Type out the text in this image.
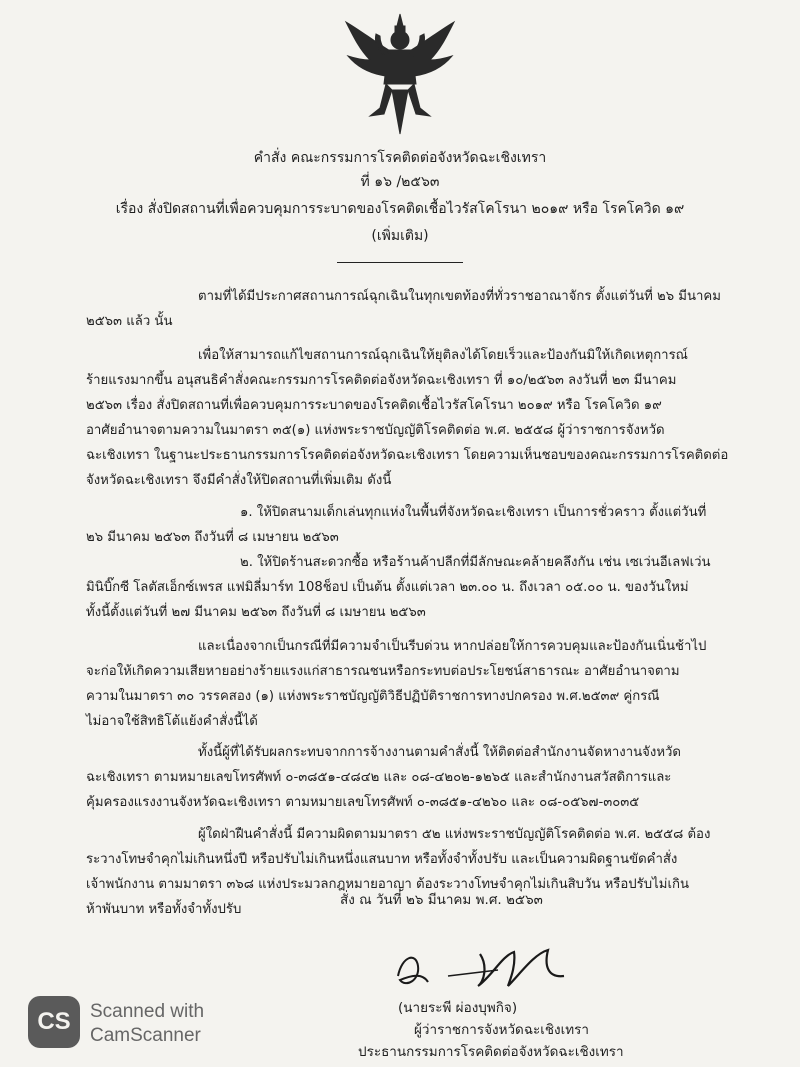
คำสั่ง คณะกรรมการโรคติดต่อจังหวัดฉะเชิงเทรา
ที่ ๑๖ /๒๕๖๓
เรื่อง สั่งปิดสถานที่เพื่อควบคุมการระบาดของโรคติดเชื้อไวรัสโคโรนา ๒๐๑๙ หรือ โรคโควิด ๑๙
(เพิ่มเติม)
ตามที่ได้มีประกาศสถานการณ์ฉุกเฉินในทุกเขตท้องที่ทั่วราชอาณาจักร ตั้งแต่วันที่ ๒๖ มีนาคม
๒๕๖๓ แล้ว นั้น
เพื่อให้สามารถแก้ไขสถานการณ์ฉุกเฉินให้ยุติลงได้โดยเร็วและป้องกันมิให้เกิดเหตุการณ์
ร้ายแรงมากขึ้น อนุสนธิคำสั่งคณะกรรมการโรคติดต่อจังหวัดฉะเชิงเทรา ที่ ๑๐/๒๕๖๓ ลงวันที่ ๒๓ มีนาคม
๒๕๖๓ เรื่อง สั่งปิดสถานที่เพื่อควบคุมการระบาดของโรคติดเชื้อไวรัสโคโรนา ๒๐๑๙ หรือ โรคโควิด ๑๙
อาศัยอำนาจตามความในมาตรา ๓๕(๑) แห่งพระราชบัญญัติโรคติดต่อ พ.ศ. ๒๕๕๘ ผู้ว่าราชการจังหวัด
ฉะเชิงเทรา ในฐานะประธานกรรมการโรคติดต่อจังหวัดฉะเชิงเทรา โดยความเห็นชอบของคณะกรรมการโรคติดต่อ
จังหวัดฉะเชิงเทรา จึงมีคำสั่งให้ปิดสถานที่เพิ่มเติม ดังนี้
๑. ให้ปิดสนามเด็กเล่นทุกแห่งในพื้นที่จังหวัดฉะเชิงเทรา เป็นการชั่วคราว ตั้งแต่วันที่
๒๖ มีนาคม ๒๕๖๓ ถึงวันที่ ๘ เมษายน ๒๕๖๓
๒. ให้ปิดร้านสะดวกซื้อ หรือร้านค้าปลีกที่มีลักษณะคล้ายคลึงกัน เช่น เซเว่นอีเลฟเว่น
มินิบิ๊กซี โลตัสเอ็กซ์เพรส แฟมิลี่มาร์ท 108ช็อป เป็นต้น ตั้งแต่เวลา ๒๓.๐๐ น. ถึงเวลา ๐๕.๐๐ น. ของวันใหม่
ทั้งนี้ตั้งแต่วันที่ ๒๗ มีนาคม ๒๕๖๓ ถึงวันที่ ๘ เมษายน ๒๕๖๓
และเนื่องจากเป็นกรณีที่มีความจำเป็นรีบด่วน หากปล่อยให้การควบคุมและป้องกันเนิ่นช้าไป
จะก่อให้เกิดความเสียหายอย่างร้ายแรงแก่สาธารณชนหรือกระทบต่อประโยชน์สาธารณะ อาศัยอำนาจตาม
ความในมาตรา ๓๐ วรรคสอง (๑) แห่งพระราชบัญญัติวิธีปฏิบัติราชการทางปกครอง พ.ศ.๒๕๓๙ คู่กรณี
ไม่อาจใช้สิทธิโต้แย้งคำสั่งนี้ได้
ทั้งนี้ผู้ที่ได้รับผลกระทบจากการจ้างงานตามคำสั่งนี้ ให้ติดต่อสำนักงานจัดหางานจังหวัด
ฉะเชิงเทรา ตามหมายเลขโทรศัพท์ ๐-๓๘๕๑-๔๘๔๒ และ ๐๘-๔๒๐๒-๑๒๖๕ และสำนักงานสวัสดิการและ
คุ้มครองแรงงานจังหวัดฉะเชิงเทรา ตามหมายเลขโทรศัพท์ ๐-๓๘๕๑-๔๒๖๐ และ ๐๘-๐๕๖๗-๓๐๓๕
ผู้ใดฝ่าฝืนคำสั่งนี้ มีความผิดตามมาตรา ๕๒ แห่งพระราชบัญญัติโรคติดต่อ พ.ศ. ๒๕๕๘ ต้อง
ระวางโทษจำคุกไม่เกินหนึ่งปี หรือปรับไม่เกินหนึ่งแสนบาท หรือทั้งจำทั้งปรับ และเป็นความผิดฐานขัดคำสั่ง
เจ้าพนักงาน ตามมาตรา ๓๖๘ แห่งประมวลกฎหมายอาญา ต้องระวางโทษจำคุกไม่เกินสิบวัน หรือปรับไม่เกิน
ห้าพันบาท หรือทั้งจำทั้งปรับ
สั่ง ณ วันที่ ๒๖ มีนาคม พ.ศ. ๒๕๖๓
(นายระพี ผ่องบุพกิจ)
ผู้ว่าราชการจังหวัดฉะเชิงเทรา
ประธานกรรมการโรคติดต่อจังหวัดฉะเชิงเทรา
CS	Scanned with
CamScanner
